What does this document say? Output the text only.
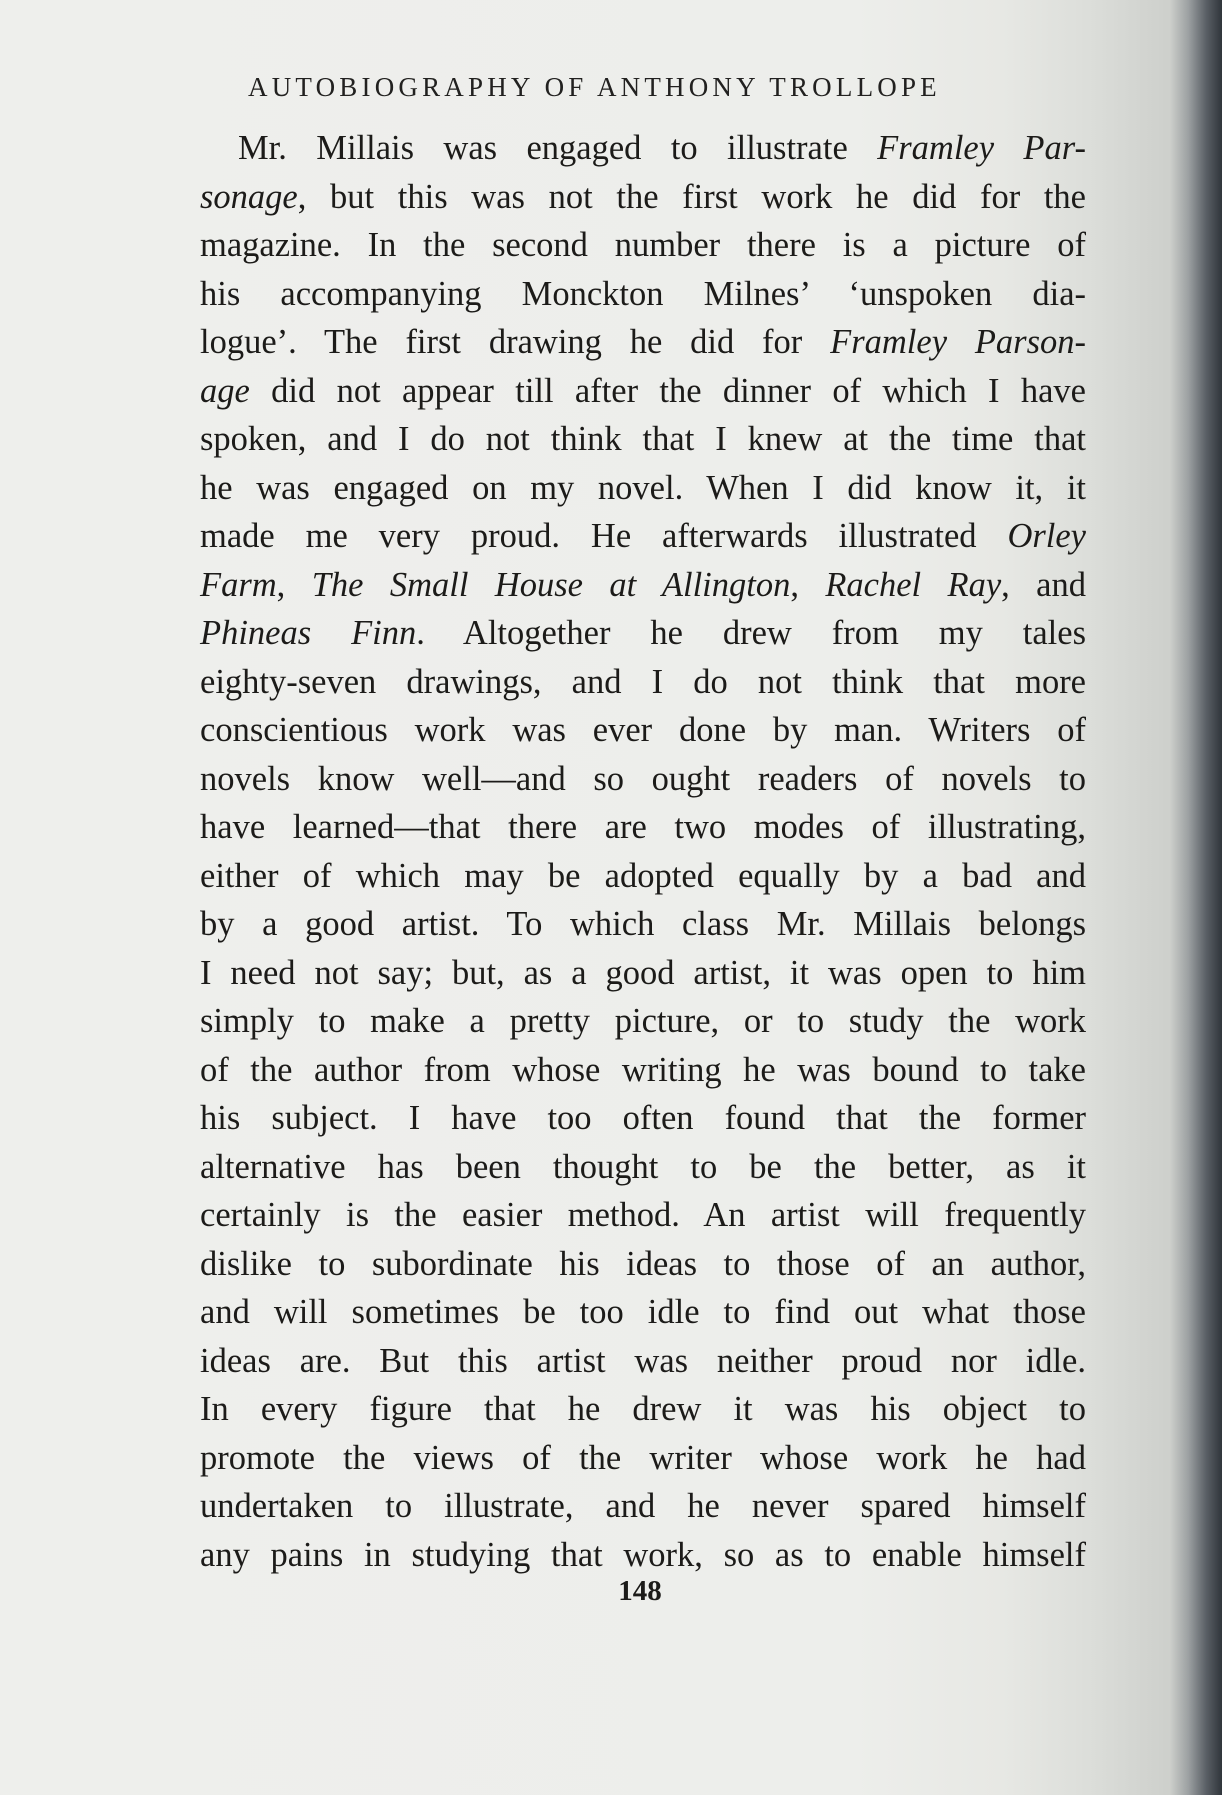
AUTOBIOGRAPHY OF ANTHONY TROLLOPE
Mr. Millais was engaged to illustrate Framley Par-
sonage, but this was not the first work he did for the
magazine. In the second number there is a picture of
his accompanying Monckton Milnes’ ‘unspoken dia-
logue’. The first drawing he did for Framley Parson-
age did not appear till after the dinner of which I have
spoken, and I do not think that I knew at the time that
he was engaged on my novel. When I did know it, it
made me very proud. He afterwards illustrated Orley
Farm, The Small House at Allington, Rachel Ray, and
Phineas Finn. Altogether he drew from my tales
eighty-seven drawings, and I do not think that more
conscientious work was ever done by man. Writers of
novels know well—and so ought readers of novels to
have learned—that there are two modes of illustrating,
either of which may be adopted equally by a bad and
by a good artist. To which class Mr. Millais belongs
I need not say; but, as a good artist, it was open to him
simply to make a pretty picture, or to study the work
of the author from whose writing he was bound to take
his subject. I have too often found that the former
alternative has been thought to be the better, as it
certainly is the easier method. An artist will frequently
dislike to subordinate his ideas to those of an author,
and will sometimes be too idle to find out what those
ideas are. But this artist was neither proud nor idle.
In every figure that he drew it was his object to
promote the views of the writer whose work he had
undertaken to illustrate, and he never spared himself
any pains in studying that work, so as to enable himself
148
